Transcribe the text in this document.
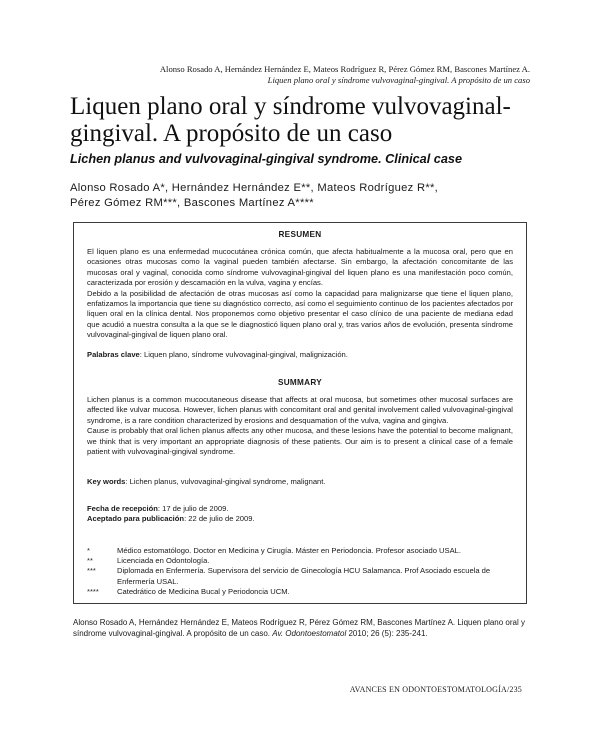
Alonso Rosado A, Hernández Hernández E, Mateos Rodríguez R, Pérez Gómez RM, Bascones Martínez A.
Liquen plano oral y síndrome vulvovaginal-gingival. A propósito de un caso
Liquen plano oral y síndrome vulvovaginal-
gingival. A propósito de un caso
Lichen planus and vulvovaginal-gingival syndrome. Clinical case
Alonso Rosado A*, Hernández Hernández E**, Mateos Rodríguez R**,
Pérez Gómez RM***, Bascones Martínez A****
RESUMEN

El liquen plano es una enfermedad mucocutánea crónica común, que afecta habitualmente a la mucosa oral, pero que en ocasiones otras mucosas como la vaginal pueden también afectarse. Sin embargo, la afectación concomitante de las mucosas oral y vaginal, conocida como síndrome vulvovaginal-gingival del liquen plano es una manifestación poco común, caracterizada por erosión y descamación en la vulva, vagina y encías.

Debido a la posibilidad de afectación de otras mucosas así como la capacidad para malignizarse que tiene el liquen plano, enfatizamos la importancia que tiene su diagnóstico correcto, así como el seguimiento continuo de los pacientes afectados por liquen oral en la clínica dental. Nos proponemos como objetivo presentar el caso clínico de una paciente de mediana edad que acudió a nuestra consulta a la que se le diagnosticó liquen plano oral y, tras varios años de evolución, presenta síndrome vulvovaginal-gingival de liquen plano oral.

Palabras clave: Liquen plano, síndrome vulvovaginal-gingival, malignización.
SUMMARY

Lichen planus is a common mucocutaneous disease that affects at oral mucosa, but sometimes other mucosal surfaces are affected like vulvar mucosa. However, lichen planus with concomitant oral and genital involvement called vulvovaginal-gingival syndrome, is a rare condition characterized by erosions and desquamation of the vulva, vagina and gingiva.

Cause is probably that oral lichen planus affects any other mucosa, and these lesions have the potential to become malignant, we think that is very important an appropriate diagnosis of these patients. Our aim is to present a clinical case of a female patient with vulvovaginal-gingival syndrome.

Key words: Lichen planus, vulvovaginal-gingival syndrome, malignant.
Fecha de recepción: 17 de julio de 2009.
Aceptado para publicación: 22 de julio de 2009.
*	Médico estomatólogo. Doctor en Medicina y Cirugía. Máster en Periodoncia. Profesor asociado USAL.
**	Licenciada en Odontología.
***	Diplomada en Enfermería. Supervisora del servicio de Ginecología HCU Salamanca. Prof Asociado escuela de Enfermería USAL.
**** Catedrático de Medicina Bucal y Periodoncia UCM.
Alonso Rosado A, Hernández Hernández E, Mateos Rodríguez R, Pérez Gómez RM, Bascones Martínez A. Liquen plano oral y síndrome vulvovaginal-gingival. A propósito de un caso. Av. Odontoestomatol 2010; 26 (5): 235-241.
AVANCES EN ODONTOESTOMATOLOGÍA/235
